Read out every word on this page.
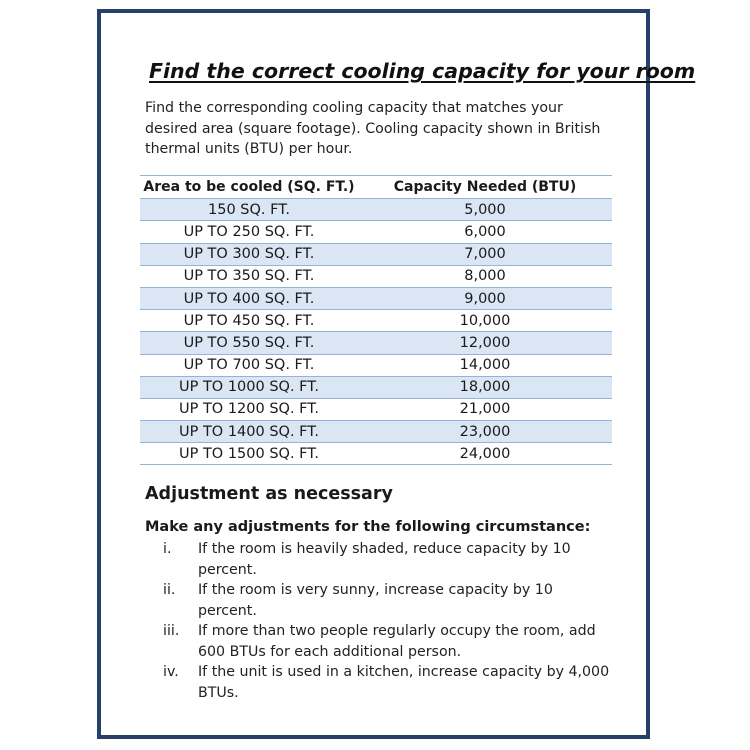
Find the correct cooling capacity for your room

Find the corresponding cooling capacity that matches your desired area (square footage). Cooling capacity shown in British thermal units (BTU) per hour.

Area to be cooled (SQ. FT.)	Capacity Needed (BTU)
150 SQ. FT.	5,000
UP TO 250 SQ. FT.	6,000
UP TO 300 SQ. FT.	7,000
UP TO 350 SQ. FT.	8,000
UP TO 400 SQ. FT.	9,000
UP TO 450 SQ. FT.	10,000
UP TO 550 SQ. FT.	12,000
UP TO 700 SQ. FT.	14,000
UP TO 1000 SQ. FT.	18,000
UP TO 1200 SQ. FT.	21,000
UP TO 1400 SQ. FT.	23,000
UP TO 1500 SQ. FT.	24,000
Adjustment as necessary

Make any adjustments for the following circumstance:

i.	If the room is heavily shaded, reduce capacity by 10 percent.
ii.	If the room is very sunny, increase capacity by 10 percent.
iii.	If more than two people regularly occupy the room, add 600 BTUs for each additional person.
iv.	If the unit is used in a kitchen, increase capacity by 4,000 BTUs.
